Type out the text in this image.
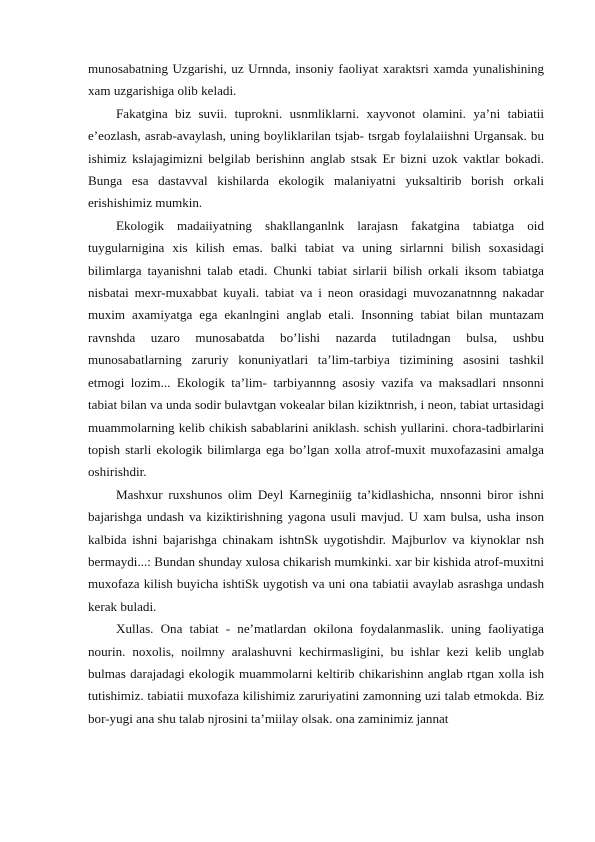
munosabatning Uzgarishi, uz Urnnda, insoniy faoliyat xaraktsri xamda yunalishining xam uzgarishiga olib keladi.

Fakatgina biz suvii. tuprokni. usnmliklarni. xayvonot olamini. ya’ni tabiatii e’eozlash, asrab-avaylash, uning boyliklarilan tsjab- tsrgab foylalaiishni Urgansak. bu ishimiz kslajagimizni belgilab berishinn anglab stsak Er bizni uzok vaktlar bokadi. Bunga esa dastavval kishilarda ekologik malaniyatni yuksaltirib borish orkali erishishimiz mumkin.

Ekologik madaiiyatning shakllanganlnk larajasn fakatgina tabiatga oid tuygularnigina xis kilish emas. balki tabiat va uning sirlarnni bilish soxasidagi bilimlarga tayanishni talab etadi. Chunki tabiat sirlarii bilish orkali iksom tabiatga nisbatai mexr-muxabbat kuyali. tabiat va i neon orasidagi muvozanatnnng nakadar muxim axamiyatga ega ekanlngini anglab etali. Insonning tabiat bilan muntazam ravnshda uzaro munosabatda bo’lishi nazarda tutiladngan bulsa, ushbu munosabatlarning zaruriy konuniyatlari ta’lim-tarbiya tizimining asosini tashkil etmogi lozim... Ekologik ta’lim- tarbiyannng asosiy vazifa va maksadlari nnsonni tabiat bilan va unda sodir bulavtgan vokealar bilan kiziktnrish, i neon, tabiat urtasidagi muammolarning kelib chikish sabablarini aniklash. schish yullarini. chora-tadbirlarini topish starli ekologik bilimlarga ega bo’lgan xolla atrof-muxit muxofazasini amalga oshirishdir.

Mashxur ruxshunos olim Deyl Karneginiig ta’kidlashicha, nnsonni biror ishni bajarishga undash va kiziktirishning yagona usuli mavjud. U xam bulsa, usha inson kalbida ishni bajarishga chinakam ishtnSk uygotishdir. Majburlov va kiynoklar nsh bermaydi...: Bundan shunday xulosa chikarish mumkinki. xar bir kishida atrof-muxitni muxofaza kilish buyicha ishtiSk uygotish va uni ona tabiatii avaylab asrashga undash kerak buladi.

Xullas. Ona tabiat - ne’matlardan okilona foydalanmaslik. uning faoliyatiga nourin. noxolis, noilmny aralashuvni kechirmasligini, bu ishlar kezi kelib unglab bulmas darajadagi ekologik muammolarni keltirib chikarishinn anglab rtgan xolla ish tutishimiz. tabiatii muxofaza kilishimiz zaruriyatini zamonning uzi talab etmokda. Biz bor-yugi ana shu talab njrosini ta’miilay olsak. ona zaminimiz jannat
